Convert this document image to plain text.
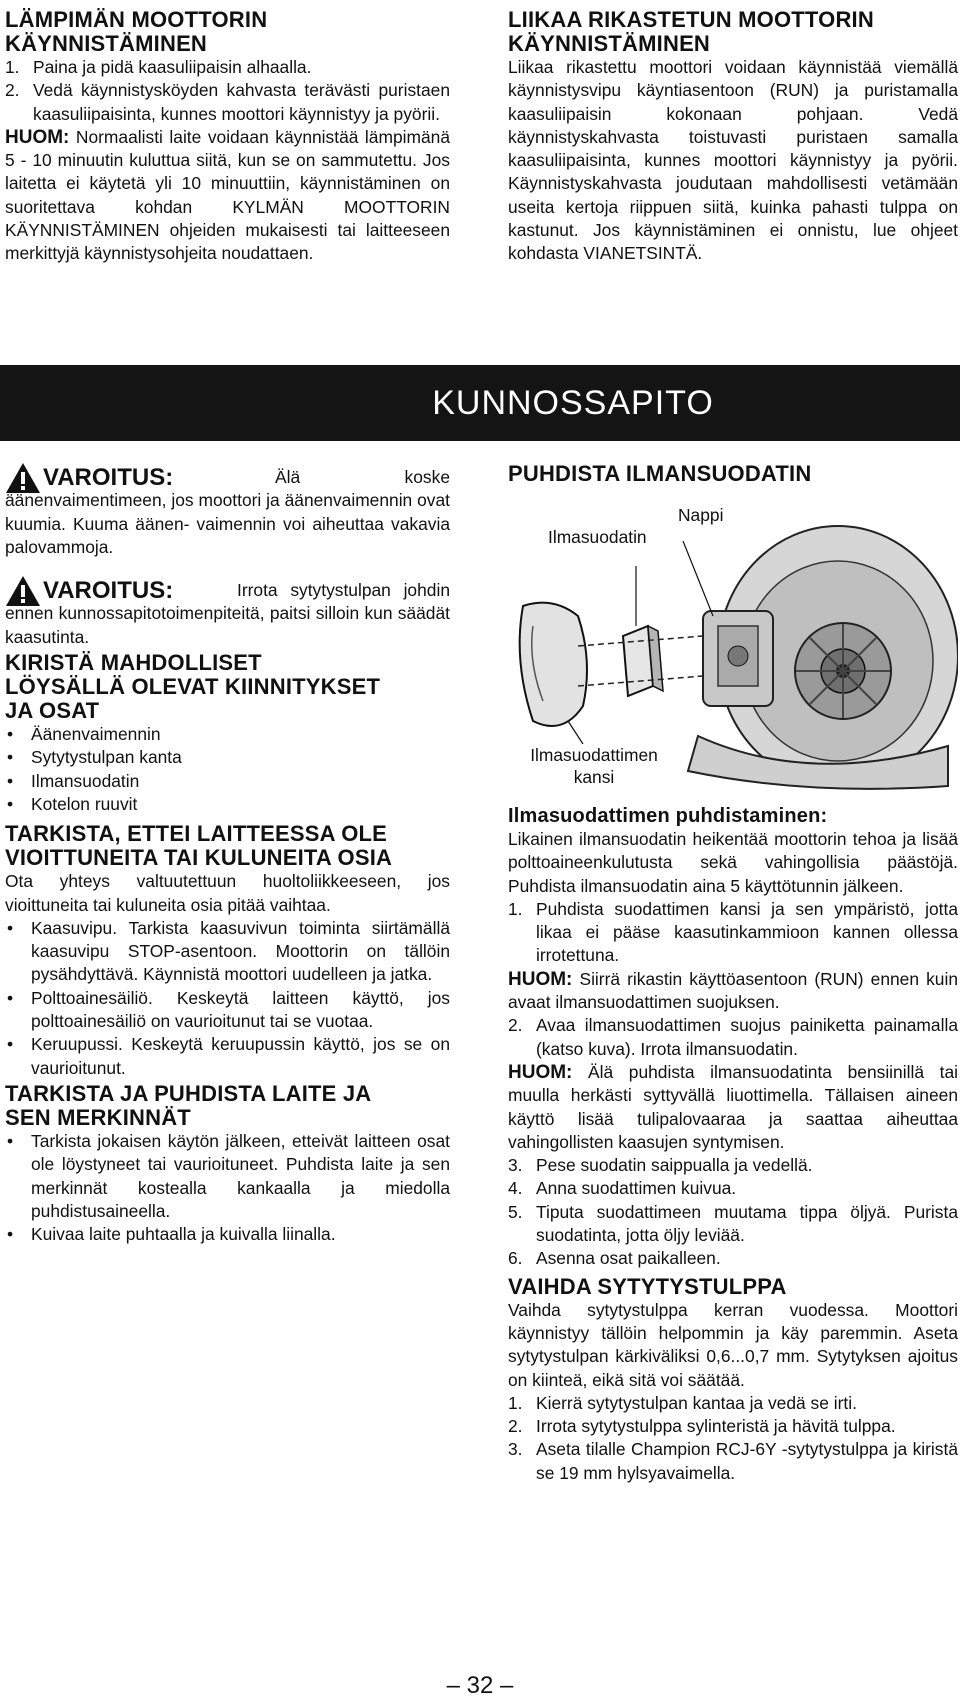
LÄMPIMÄN MOOTTORIN
KÄYNNISTÄMINEN
1. Paina ja pidä kaasuliipaisin alhaalla.
2. Vedä käynnistysköyden kahvasta terävästi puristaen kaasuliipaisinta, kunnes moottori käynnistyy ja pyörii.

HUOM: Normaalisti laite voidaan käynnistää lämpimänä 5 - 10 minuutin kuluttua siitä, kun se on sammutettu. Jos laitetta ei käytetä yli 10 minuuttiin, käynnistäminen on suoritettava kohdan KYLMÄN MOOTTORIN KÄYNNISTÄMINEN ohjeiden mukaisesti tai laitteeseen merkittyjä käynnistysohjeita noudattaen.

LIIKAA RIKASTETUN MOOTTORIN
KÄYNNISTÄMINEN

Liikaa rikastettu moottori voidaan käynnistää viemällä käynnistysvipu käyntiasentoon (RUN) ja puristamalla kaasuliipaisin kokonaan pohjaan. Vedä käynnistyskahvasta toistuvasti puristaen samalla kaasuliipaisinta, kunnes moottori käynnistyy ja pyörii. Käynnistyskahvasta joudutaan mahdollisesti vetämään useita kertoja riippuen siitä, kuinka pahasti tulppa on kastunut. Jos käynnistäminen ei onnistu, lue ohjeet kohdasta VIANETSINTÄ.

KUNNOSSAPITO
VAROITUS:	Älä koske äänenvaimentimeen, jos moottori ja äänenvaimennin ovat kuumia. Kuuma äänen- vaimennin voi aiheuttaa vakavia palovammoja.

VAROITUS:	Irrota sytytystulpan johdin ennen kunnossapitotoimenpiteitä, paitsi silloin kun säädät kaasutinta.

KIRISTÄ MAHDOLLISET
LÖYSÄLLÄ OLEVAT KIINNITYKSET
JA OSAT
•	Äänenvaimennin
•	Sytytystulpan kanta
•	Ilmansuodatin
•	Kotelon ruuvit
TARKISTA, ETTEI LAITTEESSA OLE
VIOITTUNEITA TAI KULUNEITA OSIA

Ota yhteys valtuutettuun huoltoliikkeeseen, jos vioittuneita tai kuluneita osia pitää vaihtaa.

•	Kaasuvipu. Tarkista kaasuvivun toiminta siirtämällä kaasuvipu STOP-asentoon. Moottorin on tällöin pysähdyttävä. Käynnistä moottori uudelleen ja jatka.
•	Polttoainesäiliö. Keskeytä laitteen käyttö, jos polttoainesäiliö on vaurioitunut tai se vuotaa.
•	Keruupussi. Keskeytä keruupussin käyttö, jos se on vaurioitunut.
TARKISTA JA PUHDISTA LAITE JA
SEN MERKINNÄT
•	Tarkista jokaisen käytön jälkeen, etteivät laitteen osat ole löystyneet tai vaurioituneet. Puhdista laite ja sen merkinnät kostealla kankaalla ja miedolla puhdistusaineella.
•	Kuivaa laite puhtaalla ja kuivalla liinalla.
PUHDISTA ILMANSUODATIN
Ilmasuodatin
Nappi
Ilmasuodattimen
kansi
Ilmasuodattimen puhdistaminen:

Likainen ilmansuodatin heikentää moottorin tehoa ja lisää polttoaineenkulutusta sekä vahingollisia päästöjä. Puhdista ilmansuodatin aina 5 käyttötunnin jälkeen.

1. Puhdista suodattimen kansi ja sen ympäristö, jotta likaa ei pääse kaasutinkammioon kannen ollessa irrotettuna.

HUOM: Siirrä rikastin käyttöasentoon (RUN) ennen kuin avaat ilmansuodattimen suojuksen.

2. Avaa ilmansuodattimen suojus painiketta painamalla (katso kuva). Irrota ilmansuodatin.

HUOM: Älä puhdista ilmansuodatinta bensiinillä tai muulla herkästi syttyvällä liuottimella. Tällaisen aineen käyttö lisää tulipalovaaraa ja saattaa aiheuttaa vahingollisten kaasujen syntymisen.

3. Pese suodatin saippualla ja vedellä.
4. Anna suodattimen kuivua.
5. Tiputa suodattimeen muutama tippa öljyä. Purista suodatinta, jotta öljy leviää.
6. Asenna osat paikalleen.
VAIHDA SYTYTYSTULPPA

Vaihda sytytystulppa kerran vuodessa. Moottori käynnistyy tällöin helpommin ja käy paremmin. Aseta sytytystulpan kärkiväliksi 0,6...0,7 mm. Sytytyksen ajoitus on kiinteä, eikä sitä voi säätää.

1. Kierrä sytytystulpan kantaa ja vedä se irti.
2. Irrota sytytystulppa sylinteristä ja hävitä tulppa.
3. Aseta tilalle Champion RCJ-6Y -sytytystulppa ja kiristä se 19 mm hylsyavaimella.
– 32 –
